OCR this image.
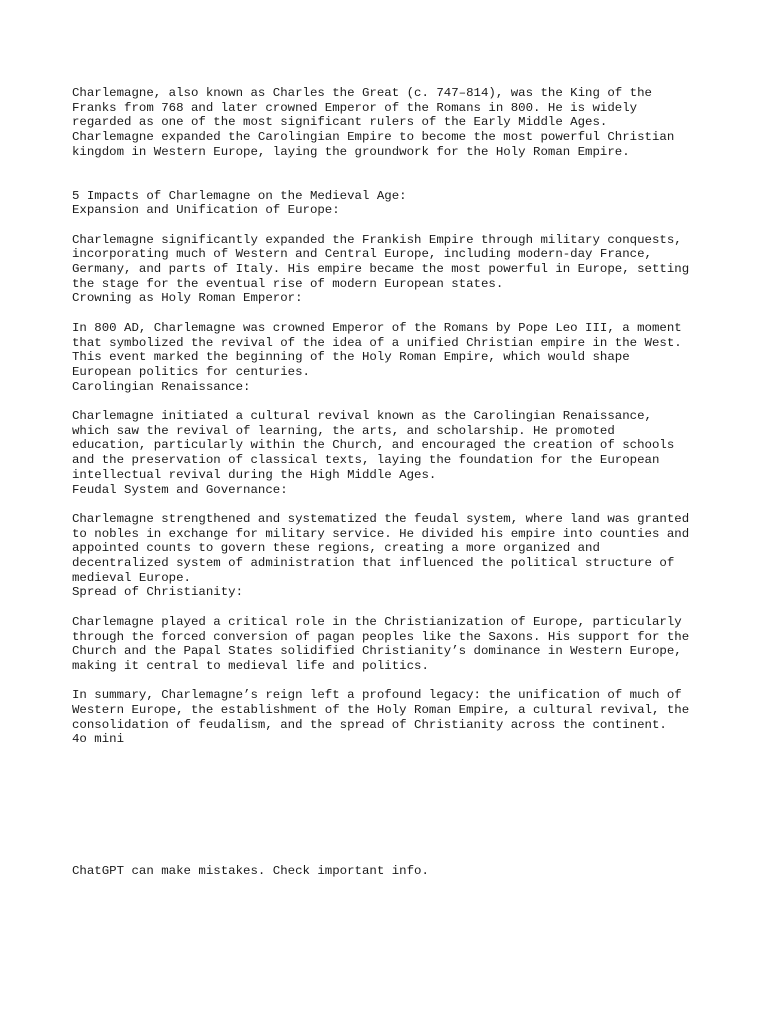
Charlemagne, also known as Charles the Great (c. 747–814), was the King of the
Franks from 768 and later crowned Emperor of the Romans in 800. He is widely
regarded as one of the most significant rulers of the Early Middle Ages.
Charlemagne expanded the Carolingian Empire to become the most powerful Christian
kingdom in Western Europe, laying the groundwork for the Holy Roman Empire.

5 Impacts of Charlemagne on the Medieval Age:

Expansion and Unification of Europe:

Charlemagne significantly expanded the Frankish Empire through military conquests,
incorporating much of Western and Central Europe, including modern-day France,
Germany, and parts of Italy. His empire became the most powerful in Europe, setting
the stage for the eventual rise of modern European states.

Crowning as Holy Roman Emperor:

In 800 AD, Charlemagne was crowned Emperor of the Romans by Pope Leo III, a moment
that symbolized the revival of the idea of a unified Christian empire in the West.
This event marked the beginning of the Holy Roman Empire, which would shape
European politics for centuries.

Carolingian Renaissance:

Charlemagne initiated a cultural revival known as the Carolingian Renaissance,
which saw the revival of learning, the arts, and scholarship. He promoted
education, particularly within the Church, and encouraged the creation of schools
and the preservation of classical texts, laying the foundation for the European
intellectual revival during the High Middle Ages.

Feudal System and Governance:

Charlemagne strengthened and systematized the feudal system, where land was granted
to nobles in exchange for military service. He divided his empire into counties and
appointed counts to govern these regions, creating a more organized and
decentralized system of administration that influenced the political structure of
medieval Europe.

Spread of Christianity:

Charlemagne played a critical role in the Christianization of Europe, particularly
through the forced conversion of pagan peoples like the Saxons. His support for the
Church and the Papal States solidified Christianity’s dominance in Western Europe,
making it central to medieval life and politics.

In summary, Charlemagne’s reign left a profound legacy: the unification of much of
Western Europe, the establishment of the Holy Roman Empire, a cultural revival, the
consolidation of feudalism, and the spread of Christianity across the continent.

4o mini

ChatGPT can make mistakes. Check important info.
